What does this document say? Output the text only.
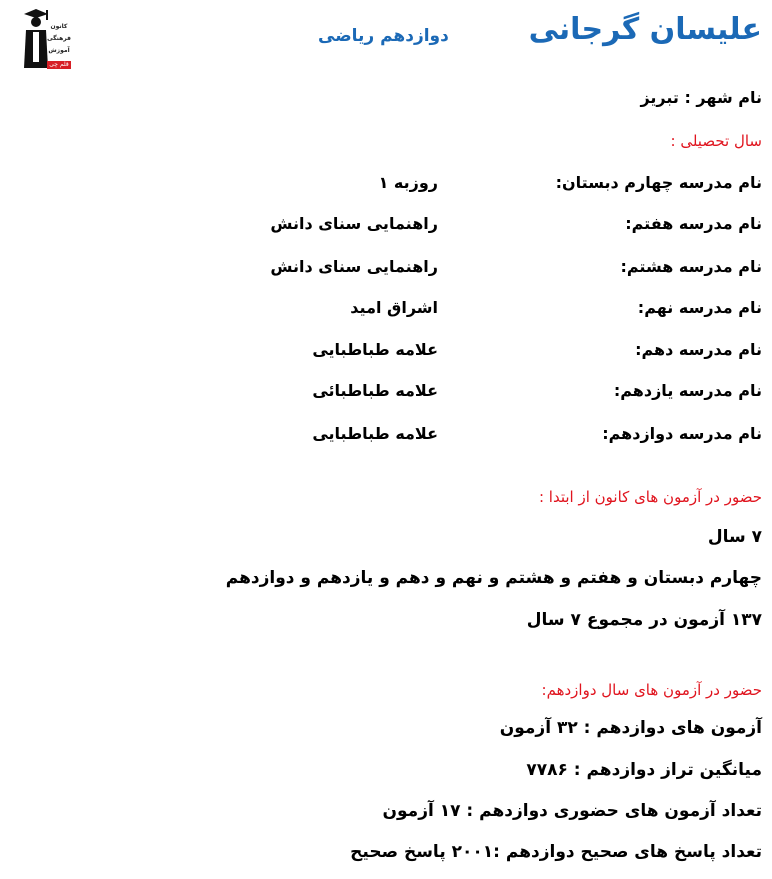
کانون
فرهنگی
آموزش
قلم چی
علیسان گرجانی
دوازدهم ریاضی
نام شهر : تبریز
سال تحصیلی :
نام مدرسه چهارم دبستان:
روزبه ۱
نام مدرسه هفتم:
راهنمایی سنای دانش
نام مدرسه هشتم:
راهنمایی سنای دانش
نام مدرسه نهم:
اشراق امید
نام مدرسه دهم:
علامه طباطبایی
نام مدرسه یازدهم:
علامه طباطبائی
نام مدرسه دوازدهم:
علامه طباطبایی
حضور در آزمون های کانون از ابتدا :
۷ سال
چهارم دبستان و هفتم و هشتم و نهم و دهم و یازدهم و دوازدهم
۱۳۷ آزمون در مجموع ۷ سال
حضور در آزمون های سال دوازدهم:
آزمون های دوازدهم : ۳۲ آزمون
میانگین تراز دوازدهم : ۷۷۸۶
تعداد آزمون های حضوری دوازدهم : ۱۷ آزمون
تعداد پاسخ های صحیح دوازدهم :۲۰۰۱ پاسخ صحیح
